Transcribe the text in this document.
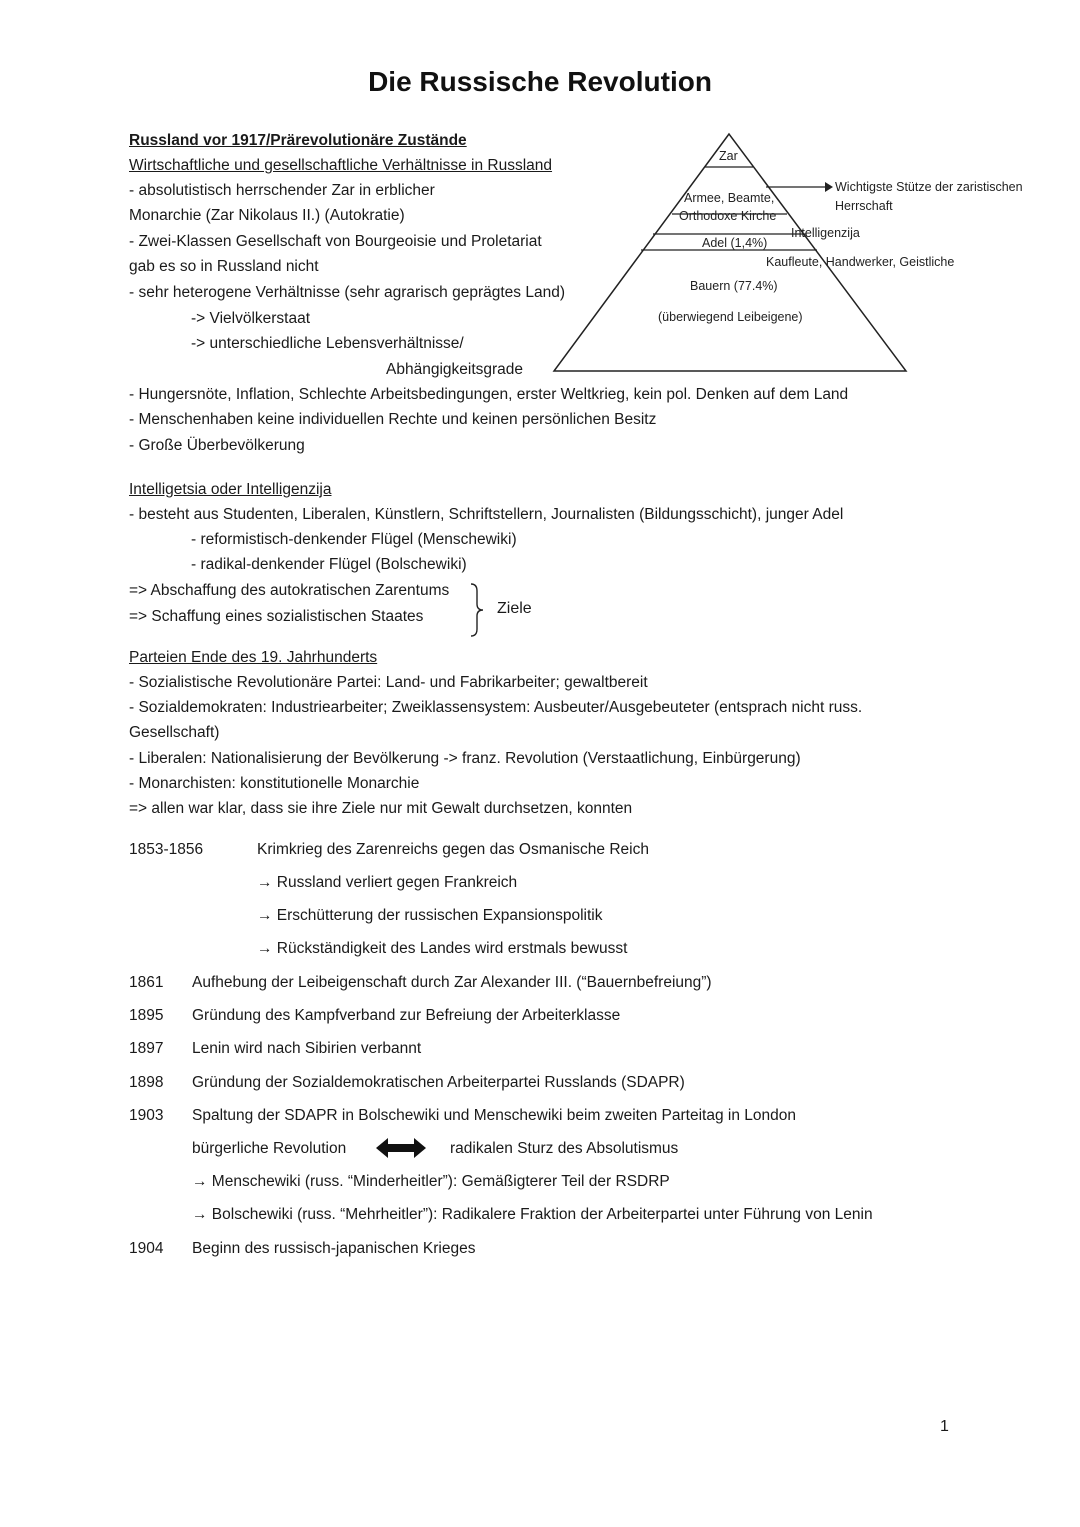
Die Russische Revolution
Russland vor 1917/Prärevolutionäre Zustände
Wirtschaftliche und gesellschaftliche Verhältnisse in Russland
- absolutistisch herrschender Zar in erblicher
Monarchie (Zar Nikolaus II.) (Autokratie)
- Zwei-Klassen Gesellschaft von Bourgeoisie und Proletariat
gab es so in Russland nicht
- sehr heterogene Verhältnisse (sehr agrarisch geprägtes Land)
-> Vielvölkerstaat
-> unterschiedliche Lebensverhältnisse/
Abhängigkeitsgrade
- Hungersnöte, Inflation, Schlechte Arbeitsbedingungen, erster Weltkrieg, kein pol. Denken auf dem Land
- Menschenhaben keine individuellen Rechte und keinen persönlichen Besitz
- Große Überbevölkerung
Zar
Armee, Beamte,
Orthodoxe Kirche
Wichtigste Stütze der zaristischen
Herrschaft
Intelligenzija
Adel (1,4%)
Kaufleute, Handwerker, Geistliche
Bauern (77.4%)
(überwiegend Leibeigene)
Intelligetsia oder Intelligenzija
- besteht aus Studenten, Liberalen, Künstlern, Schriftstellern, Journalisten (Bildungsschicht), junger Adel
- reformistisch-denkender Flügel (Menschewiki)
- radikal-denkender Flügel (Bolschewiki)
=> Abschaffung des autokratischen Zarentums
=> Schaffung eines sozialistischen Staates	Ziele
Parteien Ende des 19. Jahrhunderts
- Sozialistische Revolutionäre Partei: Land- und Fabrikarbeiter; gewaltbereit
- Sozialdemokraten: Industriearbeiter; Zweiklassensystem: Ausbeuter/Ausgebeuteter (entsprach nicht russ.
Gesellschaft)
- Liberalen: Nationalisierung der Bevölkerung -> franz. Revolution (Verstaatlichung, Einbürgerung)
- Monarchisten: konstitutionelle Monarchie
=> allen war klar, dass sie ihre Ziele nur mit Gewalt durchsetzen, konnten
1853-1856	Krimkrieg des Zarenreichs gegen das Osmanische Reich
→ Russland verliert gegen Frankreich
→ Erschütterung der russischen Expansionspolitik
→ Rückständigkeit des Landes wird erstmals bewusst
1861 Aufhebung der Leibeigenschaft durch Zar Alexander III. (“Bauernbefreiung”)
1895 Gründung des Kampfverband zur Befreiung der Arbeiterklasse
1897 Lenin wird nach Sibirien verbannt
1898 Gründung der Sozialdemokratischen Arbeiterpartei Russlands (SDAPR)
1903 Spaltung der SDAPR in Bolschewiki und Menschewiki beim zweiten Parteitag in London
bürgerliche Revolution	radikalen Sturz des Absolutismus
→ Menschewiki (russ. “Minderheitler”): Gemäßigterer Teil der RSDRP
→ Bolschewiki (russ. “Mehrheitler”): Radikalere Fraktion der Arbeiterpartei unter Führung von Lenin
1904 Beginn des russisch-japanischen Krieges
1
